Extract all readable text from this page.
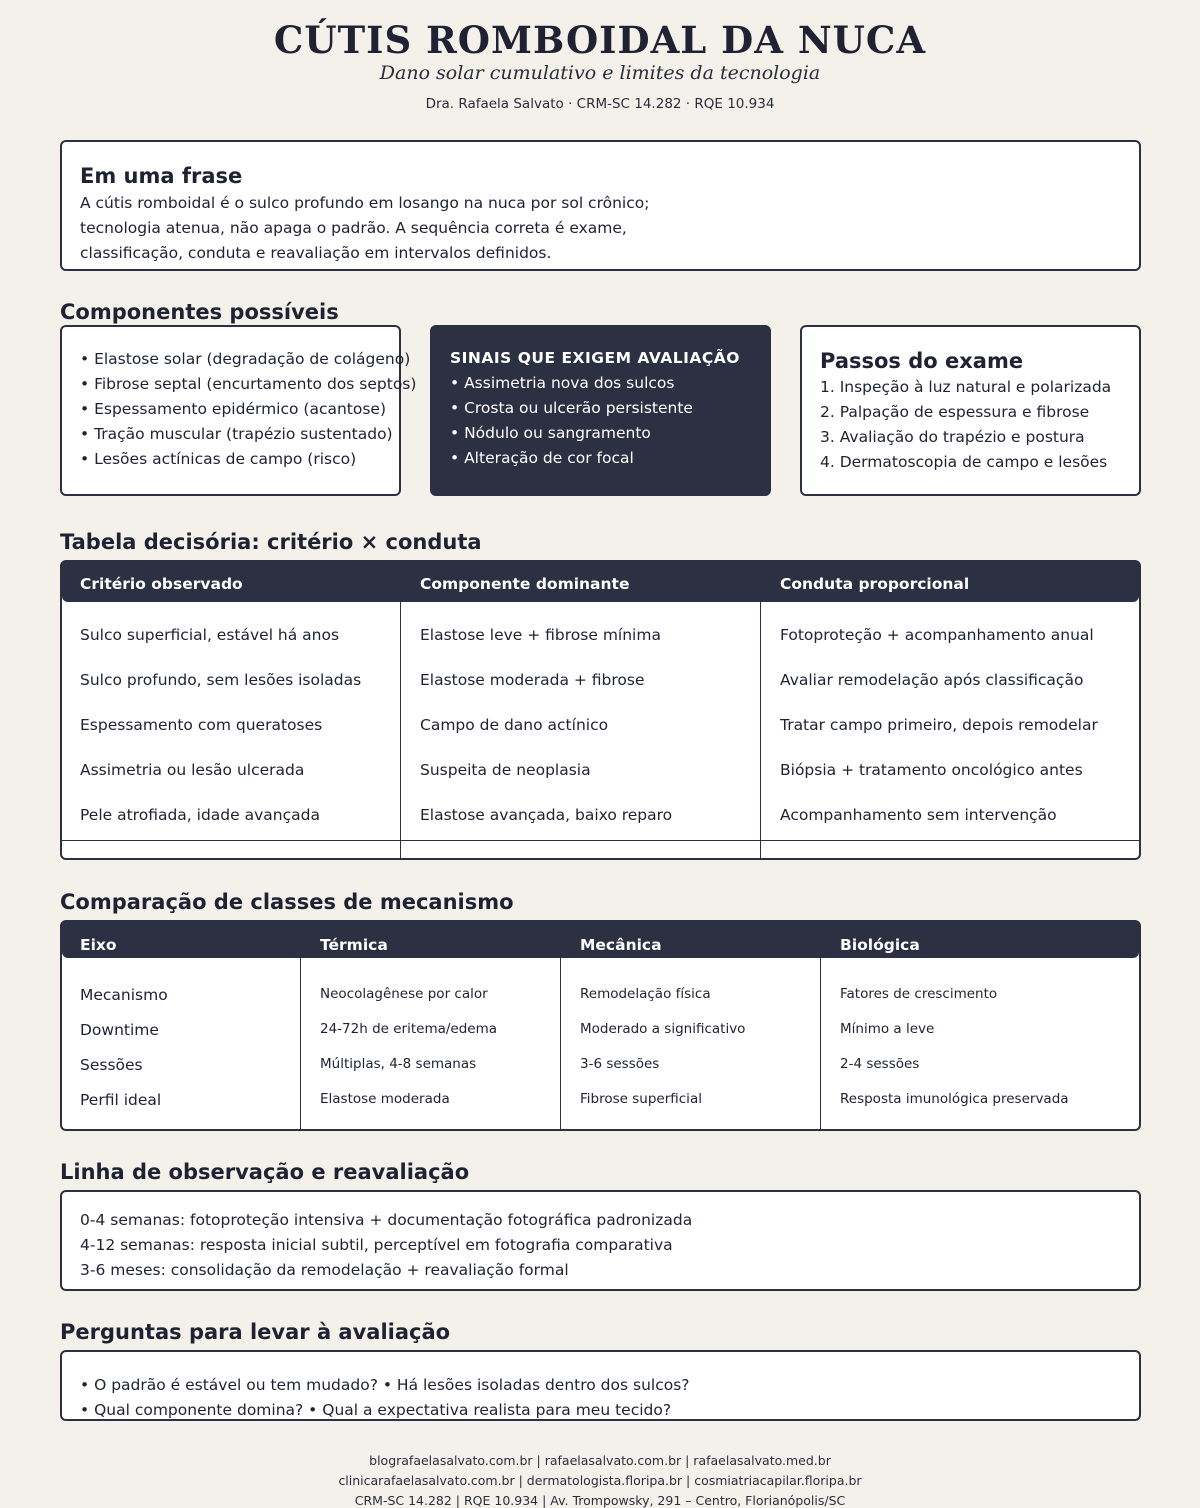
CÚTIS ROMBOIDAL DA NUCA
Dano solar cumulativo e limites da tecnologia
Dra. Rafaela Salvato · CRM-SC 14.282 · RQE 10.934
Em uma frase
A cútis romboidal é o sulco profundo em losango na nuca por sol crônico;
tecnologia atenua, não apaga o padrão. A sequência correta é exame,
classificação, conduta e reavaliação em intervalos definidos.
Componentes possíveis
• Elastose solar (degradação de colágeno)
• Fibrose septal (encurtamento dos septos)
• Espessamento epidérmico (acantose)
• Tração muscular (trapézio sustentado)
• Lesões actínicas de campo (risco)
SINAIS QUE EXIGEM AVALIAÇÃO
• Assimetria nova dos sulcos
• Crosta ou ulcerão persistente
• Nódulo ou sangramento
• Alteração de cor focal
Passos do exame
1. Inspeção à luz natural e polarizada
2. Palpação de espessura e fibrose
3. Avaliação do trapézio e postura
4. Dermatoscopia de campo e lesões
Tabela decisória: critério × conduta
Critério observado	Componente dominante	Conduta proporcional
Sulco superficial, estável há anos	Elastose leve + fibrose mínima	Fotoproteção + acompanhamento anual
Sulco profundo, sem lesões isoladas	Elastose moderada + fibrose	Avaliar remodelação após classificação
Espessamento com queratoses	Campo de dano actínico	Tratar campo primeiro, depois remodelar
Assimetria ou lesão ulcerada	Suspeita de neoplasia	Biópsia + tratamento oncológico antes
Pele atrofiada, idade avançada	Elastose avançada, baixo reparo	Acompanhamento sem intervenção
Comparação de classes de mecanismo
Eixo	Térmica	Mecânica	Biológica
Mecanismo	Neocolagênese por calor	Remodelação física	Fatores de crescimento
Downtime	24-72h de eritema/edema	Moderado a significativo	Mínimo a leve
Sessões	Múltiplas, 4-8 semanas	3-6 sessões	2-4 sessões
Perfil ideal	Elastose moderada	Fibrose superficial	Resposta imunológica preservada
Linha de observação e reavaliação
0-4 semanas: fotoproteção intensiva + documentação fotográfica padronizada
4-12 semanas: resposta inicial subtil, perceptível em fotografia comparativa
3-6 meses: consolidação da remodelação + reavaliação formal
Perguntas para levar à avaliação
• O padrão é estável ou tem mudado? • Há lesões isoladas dentro dos sulcos?
• Qual componente domina? • Qual a expectativa realista para meu tecido?
blografaelasalvato.com.br | rafaelasalvato.com.br | rafaelasalvato.med.br
clinicarafaelasalvato.com.br | dermatologista.floripa.br | cosmiatriacapilar.floripa.br
CRM-SC 14.282 | RQE 10.934 | Av. Trompowsky, 291 – Centro, Florianópolis/SC
